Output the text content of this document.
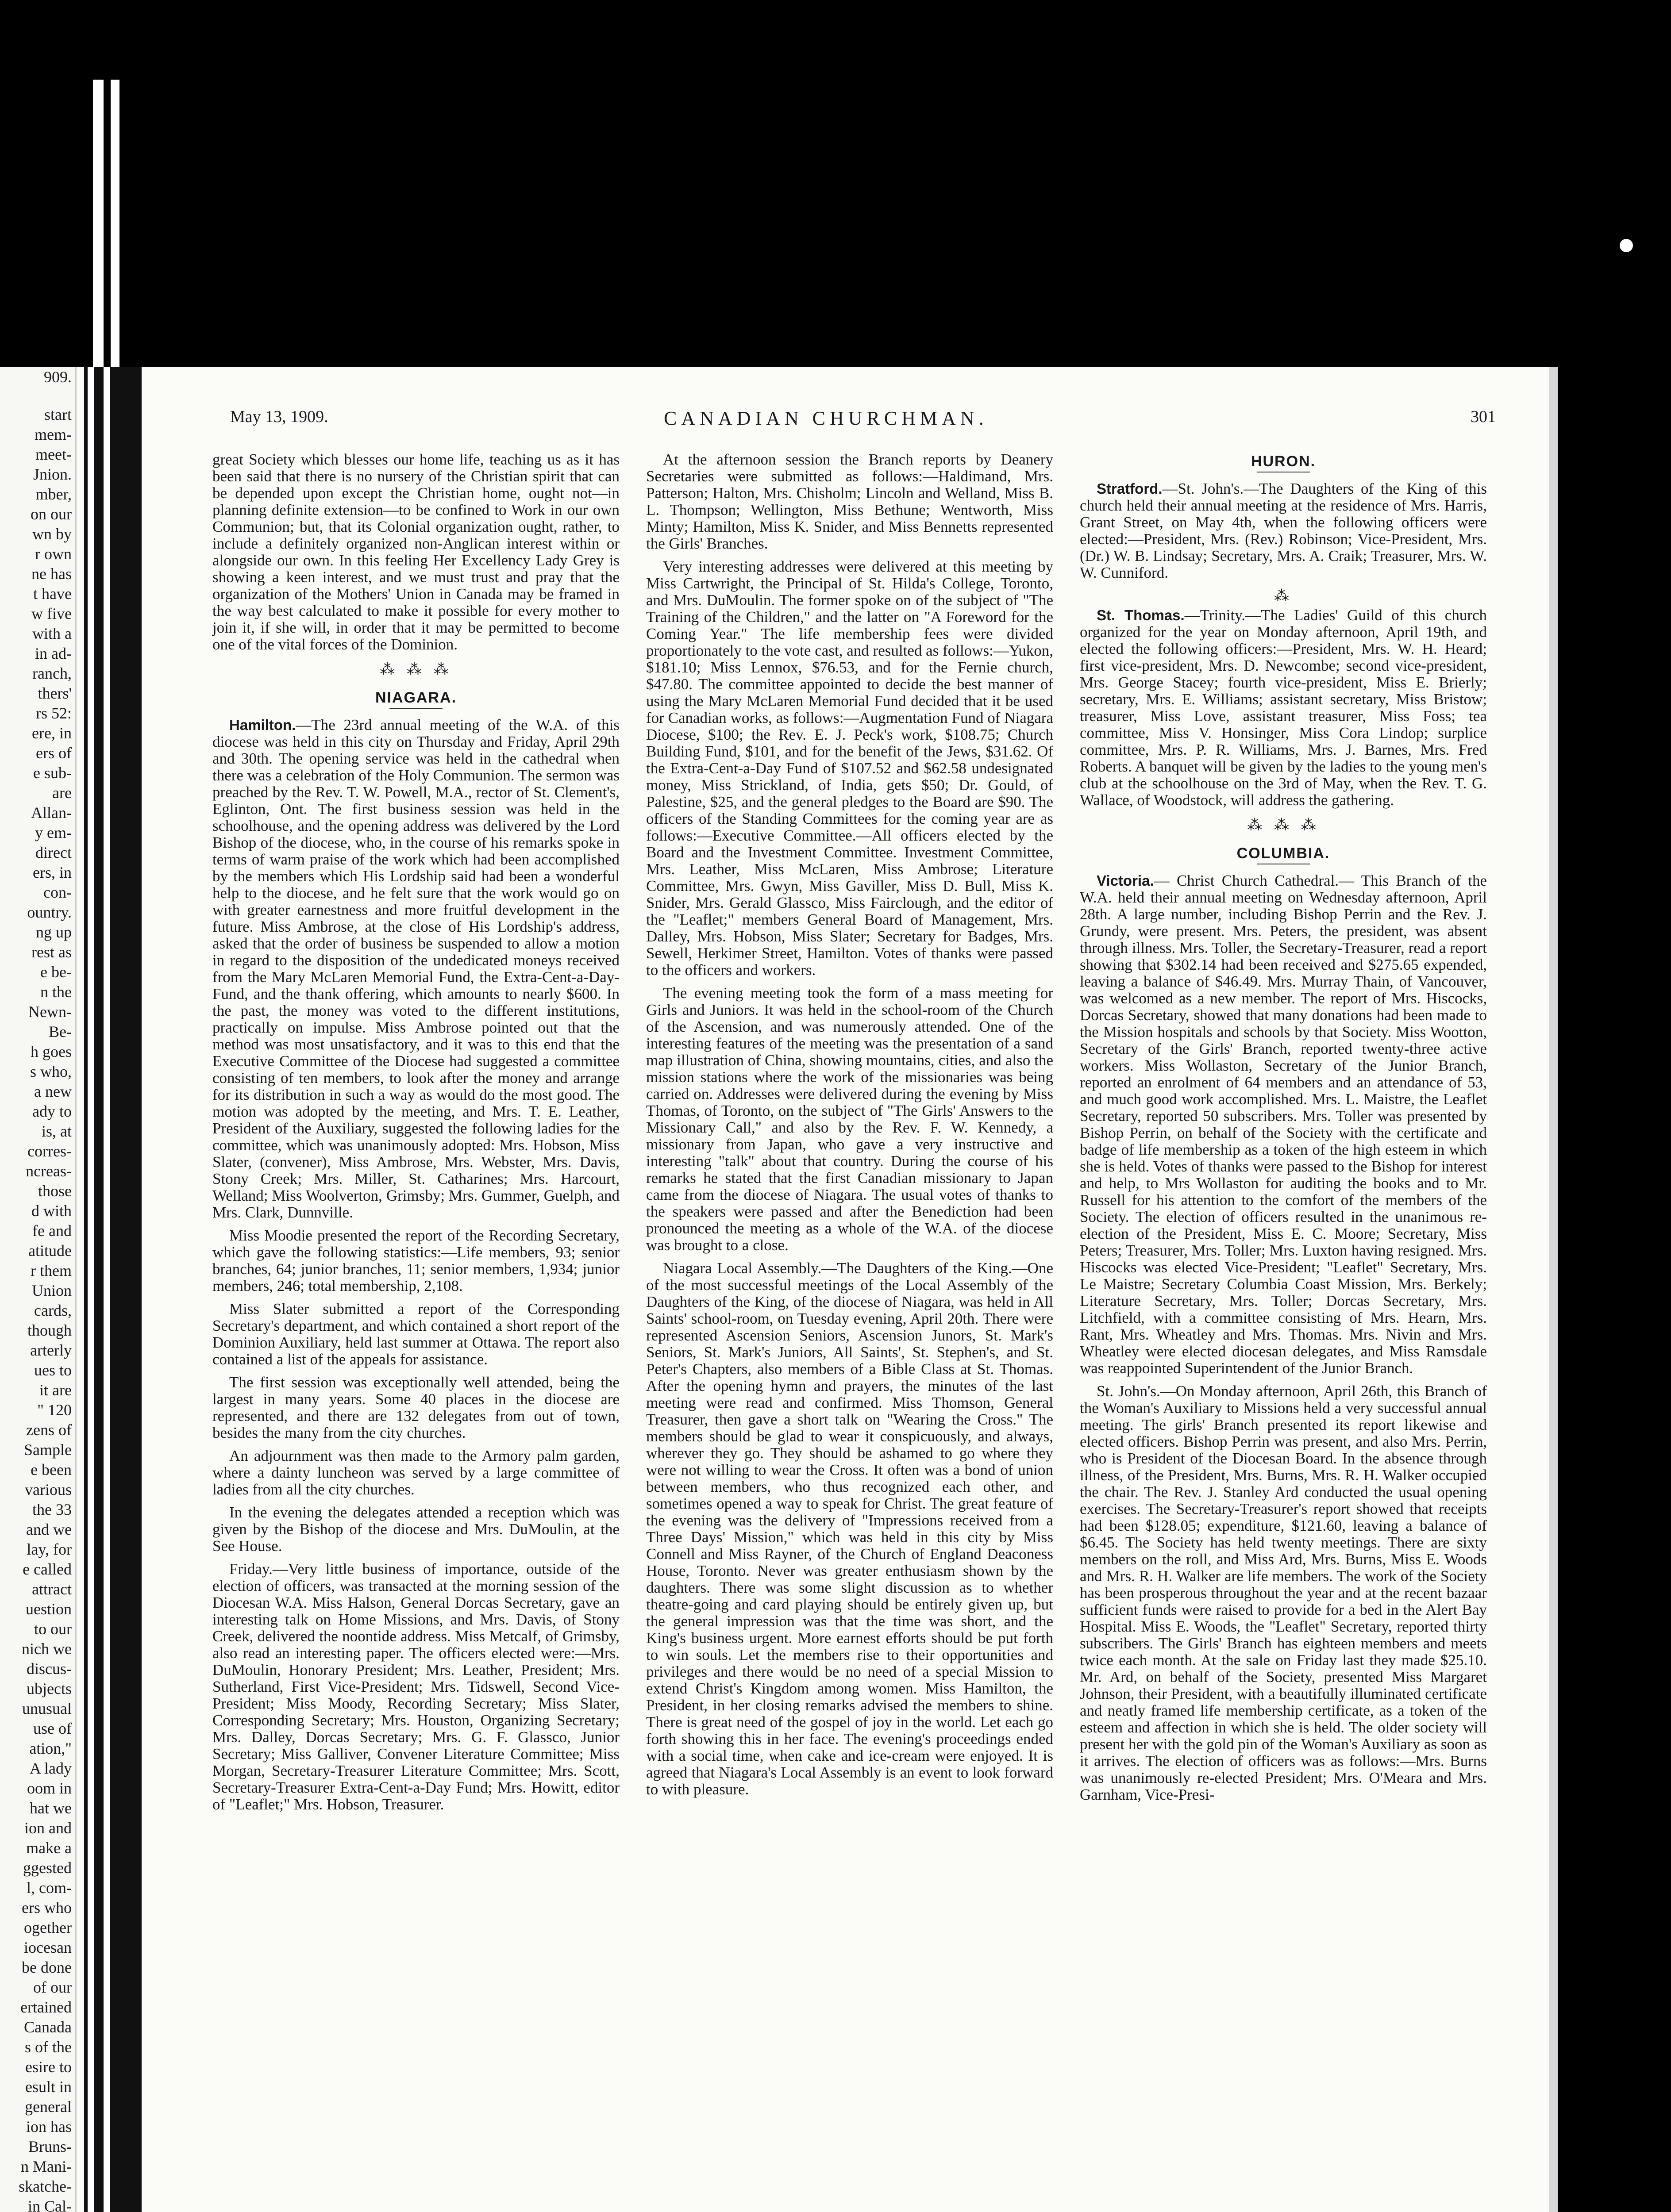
909.

start

mem-

meet-

Jnion.

mber,

on our

wn by

r own

ne has

t have

w five

with a

in ad-

ranch,

thers'

rs 52:

ere, in

ers of

e sub-

are

Allan-

y em-

direct

ers, in

con-

ountry.

ng up

rest as

e be-

n the

Newn-

Be-

h goes

s who,

a new

ady to

is, at

corres-

ncreas-

those

d with

fe and

atitude

r them

Union

cards,

though

arterly

ues to

it are

" 120

zens of

Sample

e been

various

the 33

and we

lay, for

e called

attract

uestion

to our

nich we

discus-

ubjects

unusual

use of

ation,"

A lady

oom in

hat we

ion and

make a

ggested

l, com-

ers who

ogether

iocesan

be done

of our

ertained

Canada

s of the

esire to

esult in

general

ion has

Bruns-

n Mani-

skatche-

in Cal-

May 13, 1909.	CANADIAN CHURCHMAN.	301

great Society which blesses our home life, teaching us as it has been said that there is no nursery of the Christian spirit that can be depended upon except the Christian home, ought not—in planning definite extension—to be confined to Work in our own Communion; but, that its Colonial organization ought, rather, to include a definitely organized non-Anglican interest within or alongside our own. In this feeling Her Excellency Lady Grey is showing a keen interest, and we must trust and pray that the organization of the Mothers' Union in Canada may be framed in the way best calculated to make it possible for every mother to join it, if she will, in order that it may be permitted to become one of the vital forces of the Dominion.

⁂ ⁂ ⁂
NIAGARA.

Hamilton.—The 23rd annual meeting of the W.A. of this diocese was held in this city on Thursday and Friday, April 29th and 30th. The opening service was held in the cathedral when there was a celebration of the Holy Communion. The sermon was preached by the Rev. T. W. Powell, M.A., rector of St. Clement's, Eglinton, Ont. The first business session was held in the schoolhouse, and the opening address was delivered by the Lord Bishop of the diocese, who, in the course of his remarks spoke in terms of warm praise of the work which had been accomplished by the members which His Lordship said had been a wonderful help to the diocese, and he felt sure that the work would go on with greater earnestness and more fruitful development in the future. Miss Ambrose, at the close of His Lordship's address, asked that the order of business be suspended to allow a motion in regard to the disposition of the undedicated moneys received from the Mary McLaren Memorial Fund, the Extra-Cent-a-Day-Fund, and the thank offering, which amounts to nearly $600. In the past, the money was voted to the different institutions, practically on impulse. Miss Ambrose pointed out that the method was most unsatisfactory, and it was to this end that the Executive Committee of the Diocese had suggested a committee consisting of ten members, to look after the money and arrange for its distribution in such a way as would do the most good. The motion was adopted by the meeting, and Mrs. T. E. Leather, President of the Auxiliary, suggested the following ladies for the committee, which was unanimously adopted: Mrs. Hobson, Miss Slater, (convener), Miss Ambrose, Mrs. Webster, Mrs. Davis, Stony Creek; Mrs. Miller, St. Catharines; Mrs. Harcourt, Welland; Miss Woolverton, Grimsby; Mrs. Gummer, Guelph, and Mrs. Clark, Dunnville.

Miss Moodie presented the report of the Recording Secretary, which gave the following statistics:—Life members, 93; senior branches, 64; junior branches, 11; senior members, 1,934; junior members, 246; total membership, 2,108.

Miss Slater submitted a report of the Corresponding Secretary's department, and which contained a short report of the Dominion Auxiliary, held last summer at Ottawa. The report also contained a list of the appeals for assistance.

The first session was exceptionally well attended, being the largest in many years. Some 40 places in the diocese are represented, and there are 132 delegates from out of town, besides the many from the city churches.

An adjournment was then made to the Armory palm garden, where a dainty luncheon was served by a large committee of ladies from all the city churches.

In the evening the delegates attended a reception which was given by the Bishop of the diocese and Mrs. DuMoulin, at the See House.

Friday.—Very little business of importance, outside of the election of officers, was transacted at the morning session of the Diocesan W.A. Miss Halson, General Dorcas Secretary, gave an interesting talk on Home Missions, and Mrs. Davis, of Stony Creek, delivered the noontide address. Miss Metcalf, of Grimsby, also read an interesting paper. The officers elected were:—Mrs. DuMoulin, Honorary President; Mrs. Leather, President; Mrs. Sutherland, First Vice-President; Mrs. Tidswell, Second Vice-President; Miss Moody, Recording Secretary; Miss Slater, Corresponding Secretary; Mrs. Houston, Organizing Secretary; Mrs. Dalley, Dorcas Secretary; Mrs. G. F. Glassco, Junior Secretary; Miss Galliver, Convener Literature Committee; Miss Morgan, Secretary-Treasurer Literature Committee; Mrs. Scott, Secretary-Treasurer Extra-Cent-a-Day Fund; Mrs. Howitt, editor of "Leaflet;" Mrs. Hobson, Treasurer.

At the afternoon session the Branch reports by Deanery Secretaries were submitted as follows:—Haldimand, Mrs. Patterson; Halton, Mrs. Chisholm; Lincoln and Welland, Miss B. L. Thompson; Wellington, Miss Bethune; Wentworth, Miss Minty; Hamilton, Miss K. Snider, and Miss Bennetts represented the Girls' Branches.

Very interesting addresses were delivered at this meeting by Miss Cartwright, the Principal of St. Hilda's College, Toronto, and Mrs. DuMoulin. The former spoke on of the subject of "The Training of the Children," and the latter on "A Foreword for the Coming Year." The life membership fees were divided proportionately to the vote cast, and resulted as follows:—Yukon, $181.10; Miss Lennox, $76.53, and for the Fernie church, $47.80. The committee appointed to decide the best manner of using the Mary McLaren Memorial Fund decided that it be used for Canadian works, as follows:—Augmentation Fund of Niagara Diocese, $100; the Rev. E. J. Peck's work, $108.75; Church Building Fund, $101, and for the benefit of the Jews, $31.62. Of the Extra-Cent-a-Day Fund of $107.52 and $62.58 undesignated money, Miss Strickland, of India, gets $50; Dr. Gould, of Palestine, $25, and the general pledges to the Board are $90. The officers of the Standing Committees for the coming year are as follows:—Executive Committee.—All officers elected by the Board and the Investment Committee. Investment Committee, Mrs. Leather, Miss McLaren, Miss Ambrose; Literature Committee, Mrs. Gwyn, Miss Gaviller, Miss D. Bull, Miss K. Snider, Mrs. Gerald Glassco, Miss Fairclough, and the editor of the "Leaflet;" members General Board of Management, Mrs. Dalley, Mrs. Hobson, Miss Slater; Secretary for Badges, Mrs. Sewell, Herkimer Street, Hamilton. Votes of thanks were passed to the officers and workers.

The evening meeting took the form of a mass meeting for Girls and Juniors. It was held in the school-room of the Church of the Ascension, and was numerously attended. One of the interesting features of the meeting was the presentation of a sand map illustration of China, showing mountains, cities, and also the mission stations where the work of the missionaries was being carried on. Addresses were delivered during the evening by Miss Thomas, of Toronto, on the subject of "The Girls' Answers to the Missionary Call," and also by the Rev. F. W. Kennedy, a missionary from Japan, who gave a very instructive and interesting "talk" about that country. During the course of his remarks he stated that the first Canadian missionary to Japan came from the diocese of Niagara. The usual votes of thanks to the speakers were passed and after the Benediction had been pronounced the meeting as a whole of the W.A. of the diocese was brought to a close.

Niagara Local Assembly.—The Daughters of the King.—One of the most successful meetings of the Local Assembly of the Daughters of the King, of the diocese of Niagara, was held in All Saints' school-room, on Tuesday evening, April 20th. There were represented Ascension Seniors, Ascension Junors, St. Mark's Seniors, St. Mark's Juniors, All Saints', St. Stephen's, and St. Peter's Chapters, also members of a Bible Class at St. Thomas. After the opening hymn and prayers, the minutes of the last meeting were read and confirmed. Miss Thomson, General Treasurer, then gave a short talk on "Wearing the Cross." The members should be glad to wear it conspicuously, and always, wherever they go. They should be ashamed to go where they were not willing to wear the Cross. It often was a bond of union between members, who thus recognized each other, and sometimes opened a way to speak for Christ. The great feature of the evening was the delivery of "Impressions received from a Three Days' Mission," which was held in this city by Miss Connell and Miss Rayner, of the Church of England Deaconess House, Toronto. Never was greater enthusiasm shown by the daughters. There was some slight discussion as to whether theatre-going and card playing should be entirely given up, but the general impression was that the time was short, and the King's business urgent. More earnest efforts should be put forth to win souls. Let the members rise to their opportunities and privileges and there would be no need of a special Mission to extend Christ's Kingdom among women. Miss Hamilton, the President, in her closing remarks advised the members to shine. There is great need of the gospel of joy in the world. Let each go forth showing this in her face. The evening's proceedings ended with a social time, when cake and ice-cream were enjoyed. It is agreed that Niagara's Local Assembly is an event to look forward to with pleasure.

HURON.

Stratford.—St. John's.—The Daughters of the King of this church held their annual meeting at the residence of Mrs. Harris, Grant Street, on May 4th, when the following officers were elected:—President, Mrs. (Rev.) Robinson; Vice-President, Mrs. (Dr.) W. B. Lindsay; Secretary, Mrs. A. Craik; Treasurer, Mrs. W. W. Cunniford.

⁂

St. Thomas.—Trinity.—The Ladies' Guild of this church organized for the year on Monday afternoon, April 19th, and elected the following officers:—President, Mrs. W. H. Heard; first vice-president, Mrs. D. Newcombe; second vice-president, Mrs. George Stacey; fourth vice-president, Miss E. Brierly; secretary, Mrs. E. Williams; assistant secretary, Miss Bristow; treasurer, Miss Love, assistant treasurer, Miss Foss; tea committee, Miss V. Honsinger, Miss Cora Lindop; surplice committee, Mrs. P. R. Williams, Mrs. J. Barnes, Mrs. Fred Roberts. A banquet will be given by the ladies to the young men's club at the schoolhouse on the 3rd of May, when the Rev. T. G. Wallace, of Woodstock, will address the gathering.

⁂ ⁂ ⁂
COLUMBIA.

Victoria.— Christ Church Cathedral.— This Branch of the W.A. held their annual meeting on Wednesday afternoon, April 28th. A large number, including Bishop Perrin and the Rev. J. Grundy, were present. Mrs. Peters, the president, was absent through illness. Mrs. Toller, the Secretary-Treasurer, read a report showing that $302.14 had been received and $275.65 expended, leaving a balance of $46.49. Mrs. Murray Thain, of Vancouver, was welcomed as a new member. The report of Mrs. Hiscocks, Dorcas Secretary, showed that many donations had been made to the Mission hospitals and schools by that Society. Miss Wootton, Secretary of the Girls' Branch, reported twenty-three active workers. Miss Wollaston, Secretary of the Junior Branch, reported an enrolment of 64 members and an attendance of 53, and much good work accomplished. Mrs. L. Maistre, the Leaflet Secretary, reported 50 subscribers. Mrs. Toller was presented by Bishop Perrin, on behalf of the Society with the certificate and badge of life membership as a token of the high esteem in which she is held. Votes of thanks were passed to the Bishop for interest and help, to Mrs Wollaston for auditing the books and to Mr. Russell for his attention to the comfort of the members of the Society. The election of officers resulted in the unanimous re-election of the President, Miss E. C. Moore; Secretary, Miss Peters; Treasurer, Mrs. Toller; Mrs. Luxton having resigned. Mrs. Hiscocks was elected Vice-President; "Leaflet" Secretary, Mrs. Le Maistre; Secretary Columbia Coast Mission, Mrs. Berkely; Literature Secretary, Mrs. Toller; Dorcas Secretary, Mrs. Litchfield, with a committee consisting of Mrs. Hearn, Mrs. Rant, Mrs. Wheatley and Mrs. Thomas. Mrs. Nivin and Mrs. Wheatley were elected diocesan delegates, and Miss Ramsdale was reappointed Superintendent of the Junior Branch.

St. John's.—On Monday afternoon, April 26th, this Branch of the Woman's Auxiliary to Missions held a very successful annual meeting. The girls' Branch presented its report likewise and elected officers. Bishop Perrin was present, and also Mrs. Perrin, who is President of the Diocesan Board. In the absence through illness, of the President, Mrs. Burns, Mrs. R. H. Walker occupied the chair. The Rev. J. Stanley Ard conducted the usual opening exercises. The Secretary-Treasurer's report showed that receipts had been $128.05; expenditure, $121.60, leaving a balance of $6.45. The Society has held twenty meetings. There are sixty members on the roll, and Miss Ard, Mrs. Burns, Miss E. Woods and Mrs. R. H. Walker are life members. The work of the Society has been prosperous throughout the year and at the recent bazaar sufficient funds were raised to provide for a bed in the Alert Bay Hospital. Miss E. Woods, the "Leaflet" Secretary, reported thirty subscribers. The Girls' Branch has eighteen members and meets twice each month. At the sale on Friday last they made $25.10. Mr. Ard, on behalf of the Society, presented Miss Margaret Johnson, their President, with a beautifully illuminated certificate and neatly framed life membership certificate, as a token of the esteem and affection in which she is held. The older society will present her with the gold pin of the Woman's Auxiliary as soon as it arrives. The election of officers was as follows:—Mrs. Burns was unanimously re-elected President; Mrs. O'Meara and Mrs. Garnham, Vice-Presi-
